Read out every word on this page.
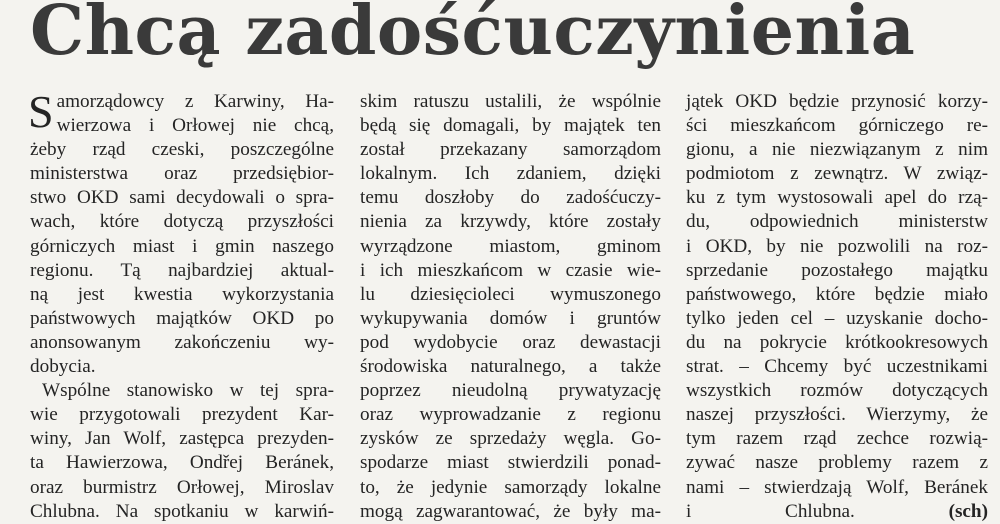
Chcą zadośćuczynienia
Samorządowcy z Karwiny, Ha-
wierzowa i Orłowej nie chcą,
żeby rząd czeski, poszczególne
ministerstwa oraz przedsiębior-
stwo OKD sami decydowali o spra-
wach, które dotyczą przyszłości
górniczych miast i gmin naszego
regionu. Tą najbardziej aktual-
ną jest kwestia wykorzystania
państwowych majątków OKD po
anonsowanym zakończeniu wy-
dobycia.
Wspólne stanowisko w tej spra-
wie przygotowali prezydent Kar-
winy, Jan Wolf, zastępca prezyden-
ta Hawierzowa, Ondřej Beránek,
oraz burmistrz Orłowej, Miroslav
Chlubna. Na spotkaniu w karwiń-
skim ratuszu ustalili, że wspólnie
będą się domagali, by majątek ten
został przekazany samorządom
lokalnym. Ich zdaniem, dzięki
temu doszłoby do zadośćuczy-
nienia za krzywdy, które zostały
wyrządzone miastom, gminom
i ich mieszkańcom w czasie wie-
lu dziesięcioleci wymuszonego
wykupywania domów i gruntów
pod wydobycie oraz dewastacji
środowiska naturalnego, a także
poprzez nieudolną prywatyzację
oraz wyprowadzanie z regionu
zysków ze sprzedaży węgla. Go-
spodarze miast stwierdzili ponad-
to, że jedynie samorządy lokalne
mogą zagwarantować, że były ma-
jątek OKD będzie przynosić korzy-
ści mieszkańcom górniczego re-
gionu, a nie niezwiązanym z nim
podmiotom z zewnątrz. W związ-
ku z tym wystosowali apel do rzą-
du, odpowiednich ministerstw
i OKD, by nie pozwolili na roz-
sprzedanie pozostałego majątku
państwowego, które będzie miało
tylko jeden cel – uzyskanie docho-
du na pokrycie krótkookresowych
strat. – Chcemy być uczestnikami
wszystkich rozmów dotyczących
naszej przyszłości. Wierzymy, że
tym razem rząd zechce rozwią-
zywać nasze problemy razem z
nami – stwierdzają Wolf, Beránek
i Chlubna.	(sch)
